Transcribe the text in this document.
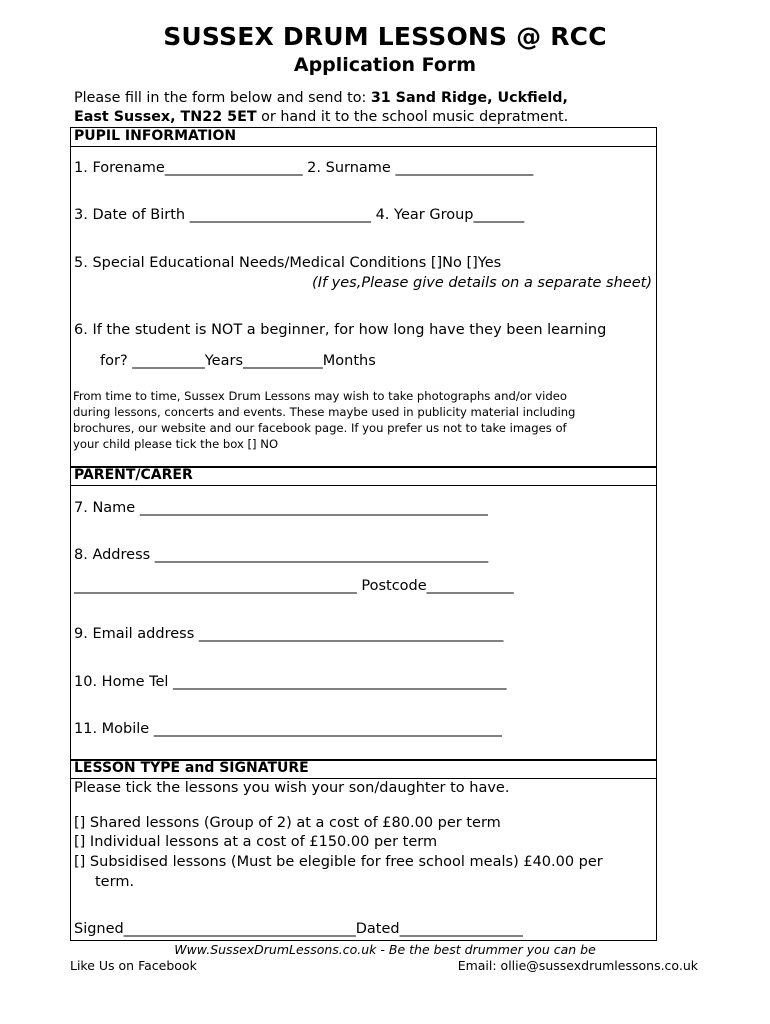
SUSSEX DRUM LESSONS @ RCC
Application Form
Please fill in the form below and send to: 31 Sand Ridge, Uckfield,
East Sussex, TN22 5ET or hand it to the school music depratment.
PUPIL INFORMATION
PARENT/CARER
LESSON TYPE and SIGNATURE
1. Forename___________________ 2. Surname ___________________
3. Date of Birth _________________________ 4. Year Group_______
5. Special Educational Needs/Medical Conditions []No []Yes
(If yes,Please give details on a separate sheet)
6. If the student is NOT a beginner, for how long have they been learning
for? __________Years___________Months
From time to time, Sussex Drum Lessons may wish to take photographs and/or video
during lessons, concerts and events. These maybe used in publicity material including
brochures, our website and our facebook page. If you prefer us not to take images of
your child please tick the box [] NO
7. Name ________________________________________________
8. Address ______________________________________________
_______________________________________ Postcode____________
9. Email address __________________________________________
10. Home Tel ______________________________________________
11. Mobile ________________________________________________
Please tick the lessons you wish your son/daughter to have.
[] Shared lessons (Group of 2) at a cost of £80.00 per term
[] Individual lessons at a cost of £150.00 per term
[] Subsidised lessons (Must be elegible for free school meals) £40.00 per
term.
Signed________________________________Dated_________________
Www.SussexDrumLessons.co.uk - Be the best drummer you can be
Like Us on Facebook	Email: ollie@sussexdrumlessons.co.uk
